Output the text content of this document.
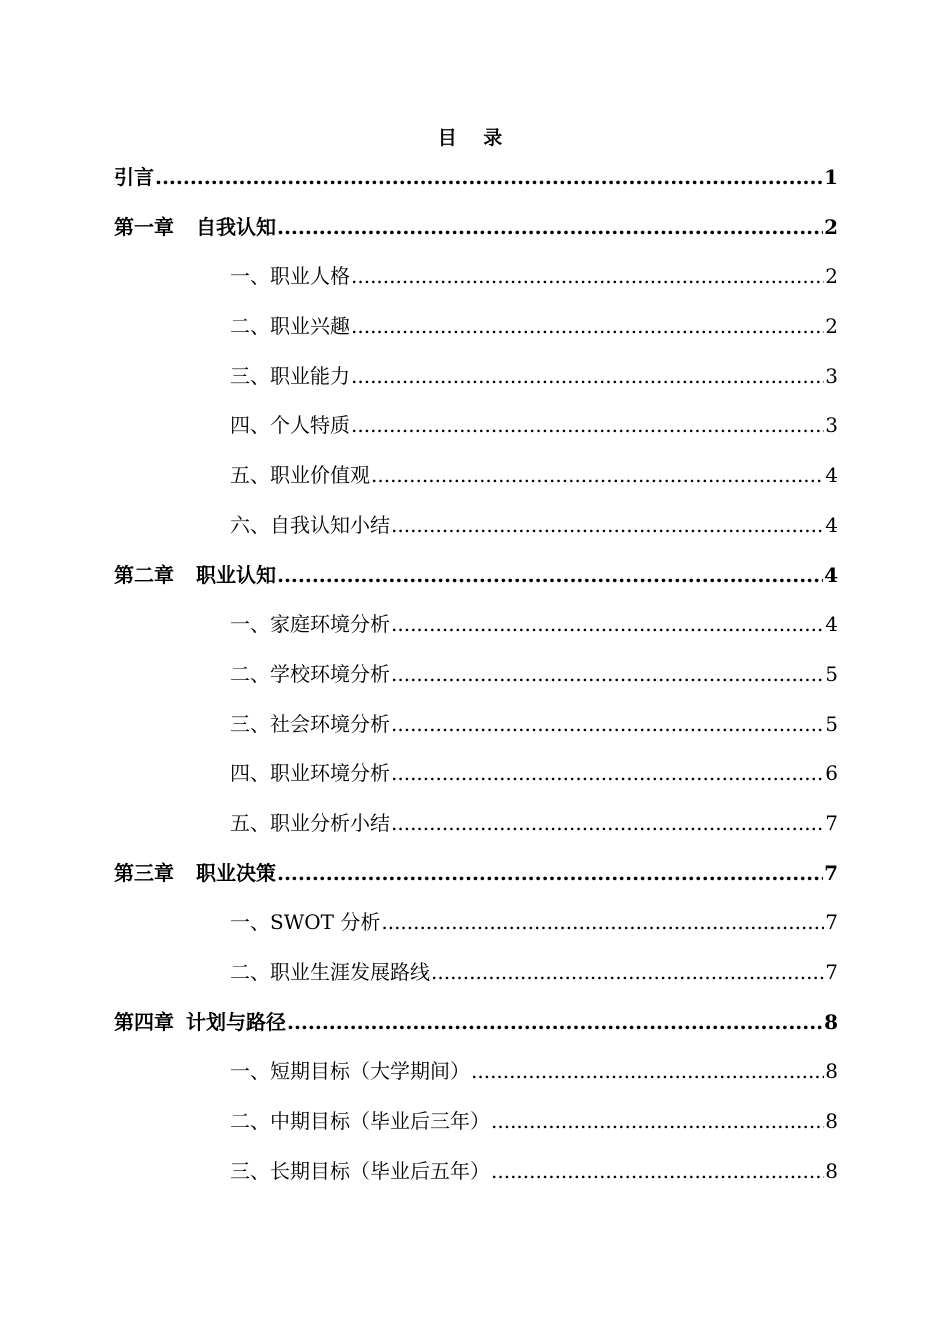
目 录
引言 .....	1
第一章 自我认知 .....	2
一、职业人格 .....	2
二、职业兴趣 .....	2
三、职业能力 .....	3
四、个人特质 .....	3
五、职业价值观 .....	4
六、自我认知小结 .....	4
第二章 职业认知 .....	4
一、家庭环境分析 .....	4
二、学校环境分析 .....	5
三、社会环境分析 .....	5
四、职业环境分析 .....	6
五、职业分析小结 .....	7
第三章 职业决策 .....	7
一、SWOT 分析 .....	7
二、职业生涯发展路线 .....	7
第四章 计划与路径 .....	8
一、短期目标（大学期间） .....	8
二、中期目标（毕业后三年） .....	8
三、长期目标（毕业后五年） .....	8
